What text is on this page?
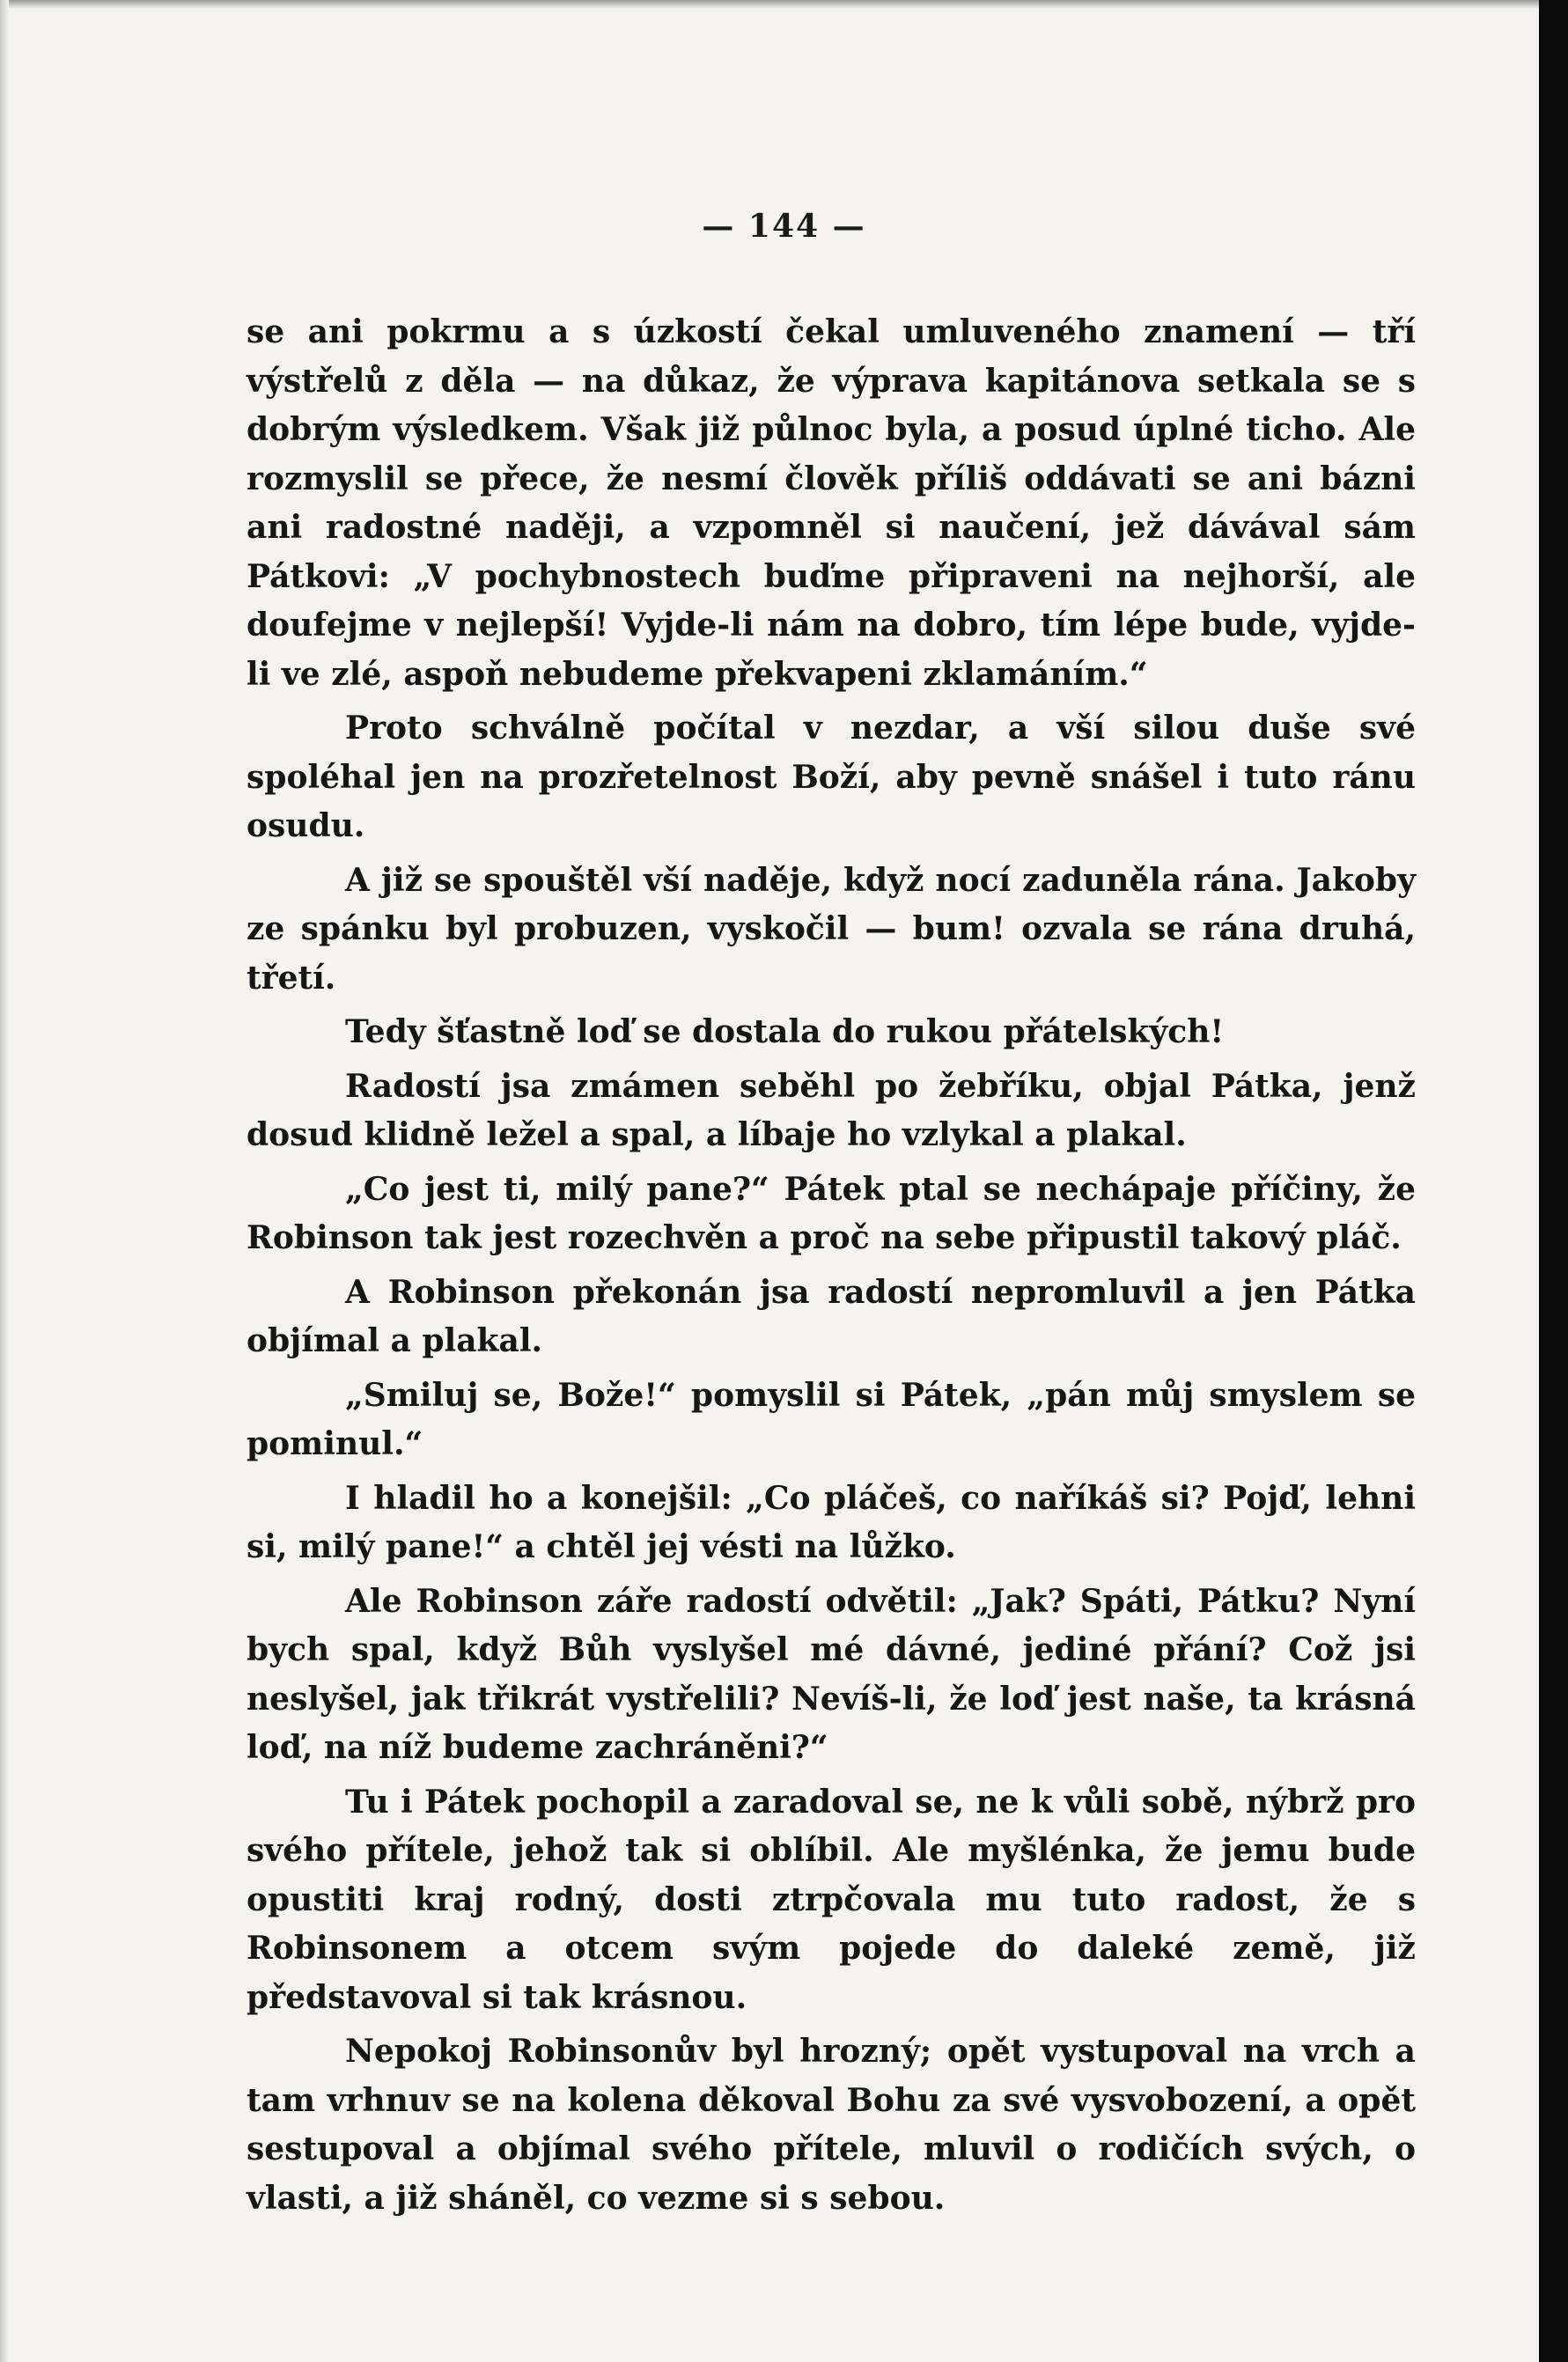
— 144 —

se ani pokrmu a s úzkostí čekal umluveného znamení — tří výstřelů z děla — na důkaz, že výprava kapitánova setkala se s dobrým výsledkem. Však již půlnoc byla, a posud úplné ticho. Ale rozmyslil se přece, že nesmí člověk příliš oddávati se ani bázni ani radostné naději, a vzpomněl si naučení, jež dávával sám Pátkovi: „V pochybnostech buďme připraveni na nejhorší, ale doufejme v nejlepší! Vyjde-li nám na dobro, tím lépe bude, vyjde-li ve zlé, aspoň nebudeme překvapeni zklamáním.“

Proto schválně počítal v nezdar, a vší silou duše své spoléhal jen na prozřetelnost Boží, aby pevně snášel i tuto ránu osudu.

A již se spouštěl vší naděje, když nocí zaduněla rána. Jakoby ze spánku byl probuzen, vyskočil — bum! ozvala se rána druhá, třetí.

Tedy šťastně loď se dostala do rukou přátelských!

Radostí jsa zmámen seběhl po žebříku, objal Pátka, jenž dosud klidně ležel a spal, a líbaje ho vzlykal a plakal.

„Co jest ti, milý pane?“ Pátek ptal se nechápaje příčiny, že Robinson tak jest rozechvěn a proč na sebe připustil takový pláč.

A Robinson překonán jsa radostí nepromluvil a jen Pátka objímal a plakal.

„Smiluj se, Bože!“ pomyslil si Pátek, „pán můj smyslem se pominul.“

I hladil ho a konejšil: „Co pláčeš, co naříkáš si? Pojď, lehni si, milý pane!“ a chtěl jej vésti na lůžko.

Ale Robinson záře radostí odvětil: „Jak? Spáti, Pátku? Nyní bych spal, když Bůh vyslyšel mé dávné, jediné přání? Což jsi neslyšel, jak třikrát vystřelili? Nevíš-li, že loď jest naše, ta krásná loď, na níž budeme zachráněni?“

Tu i Pátek pochopil a zaradoval se, ne k vůli sobě, nýbrž pro svého přítele, jehož tak si oblíbil. Ale myšlénka, že jemu bude opustiti kraj rodný, dosti ztrpčovala mu tuto radost, že s Robinsonem a otcem svým pojede do daleké země, již představoval si tak krásnou.

Nepokoj Robinsonův byl hrozný; opět vystupoval na vrch a tam vrhnuv se na kolena děkoval Bohu za své vysvobození, a opět sestupoval a objímal svého přítele, mluvil o rodičích svých, o vlasti, a již sháněl, co vezme si s sebou.
